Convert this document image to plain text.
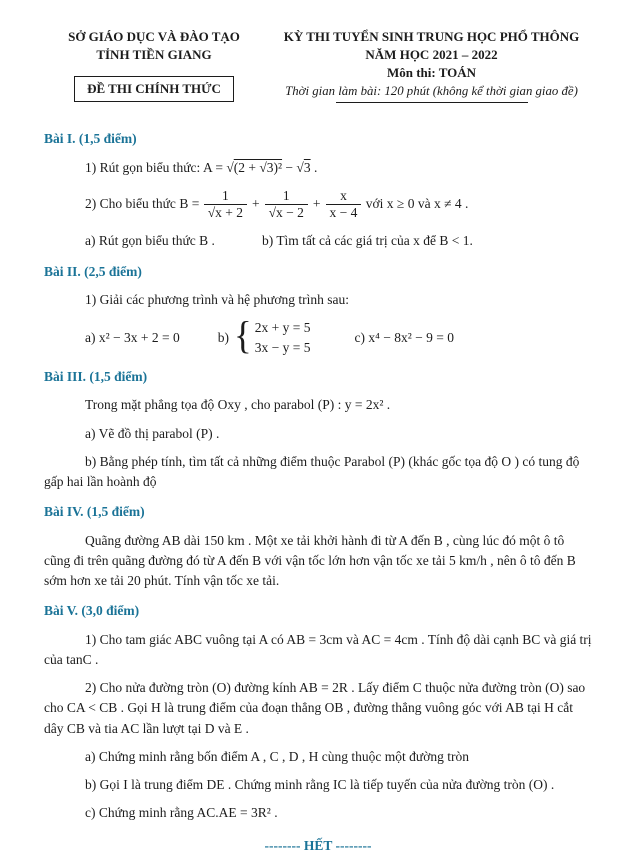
SỞ GIÁO DỤC VÀ ĐÀO TẠO
TỈNH TIỀN GIANG
ĐỀ THI CHÍNH THỨC
KỲ THI TUYỂN SINH TRUNG HỌC PHỔ THÔNG
NĂM HỌC 2021 – 2022
Môn thi: TOÁN
Thời gian làm bài: 120 phút (không kể thời gian giao đề)
Bài I. (1,5 điểm)
1) Rút gọn biểu thức: A = √(2 + √3)² − √3 .
2) Cho biểu thức $B = \frac{1}{√x + 2} + \frac{1}{√x - 2} + \frac{x}{x - 4}$ với x ≥ 0 và x ≠ 4 .
a) Rút gọn biểu thức B .	b) Tìm tất cả các giá trị của x để B < 1.
Bài II. (2,5 điểm)
1) Giải các phương trình và hệ phương trình sau:
a) x² − 3x + 2 = 0	b) { 2x + y = 5
3x − y = 5
c) x⁴ − 8x² − 9 = 0
Bài III. (1,5 điểm)
Trong mặt phẳng tọa độ Oxy , cho parabol (P) : y = 2x² .
a) Vẽ đồ thị parabol (P) .
b) Bằng phép tính, tìm tất cả những điểm thuộc Parabol (P) (khác gốc tọa độ O ) có tung độ gấp hai lần hoành độ
Bài IV. (1,5 điểm)
Quãng đường AB dài 150 km . Một xe tải khởi hành đi từ A đến B , cùng lúc đó một ô tô cũng đi trên quãng đường đó từ A đến B với vận tốc lớn hơn vận tốc xe tải 5 km/h , nên ô tô đến B sớm hơn xe tải 20 phút. Tính vận tốc xe tải.
Bài V. (3,0 điểm)
1) Cho tam giác ABC vuông tại A có AB = 3cm và AC = 4cm . Tính độ dài cạnh BC và giá trị của tanC .
2) Cho nửa đường tròn (O) đường kính AB = 2R . Lấy điểm C thuộc nửa đường tròn (O) sao cho CA < CB . Gọi H là trung điểm của đoạn thẳng OB , đường thẳng vuông góc với AB tại H cắt dây CB và tia AC lần lượt tại D và E .
a) Chứng minh rằng bốn điểm A , C , D , H cùng thuộc một đường tròn
b) Gọi I là trung điểm DE . Chứng minh rằng IC là tiếp tuyến của nửa đường tròn (O) .
c) Chứng minh rằng AC.AE = 3R² .
-------- HẾT --------
